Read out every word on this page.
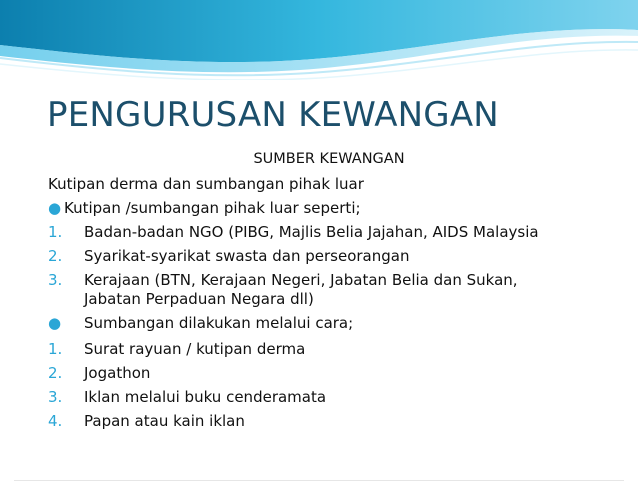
PENGURUSAN KEWANGAN
SUMBER KEWANGAN
Kutipan derma dan sumbangan pihak luar
● Kutipan /sumbangan pihak luar seperti;
1. Badan-badan NGO (PIBG, Majlis Belia Jajahan, AIDS Malaysia
2. Syarikat-syarikat swasta dan perseorangan
3. Kerajaan (BTN, Kerajaan Negeri, Jabatan Belia dan Sukan,
Jabatan Perpaduan Negara dll)
● Sumbangan dilakukan melalui cara;
1. Surat rayuan / kutipan derma
2. Jogathon
3. Iklan melalui buku cenderamata
4. Papan atau kain iklan
